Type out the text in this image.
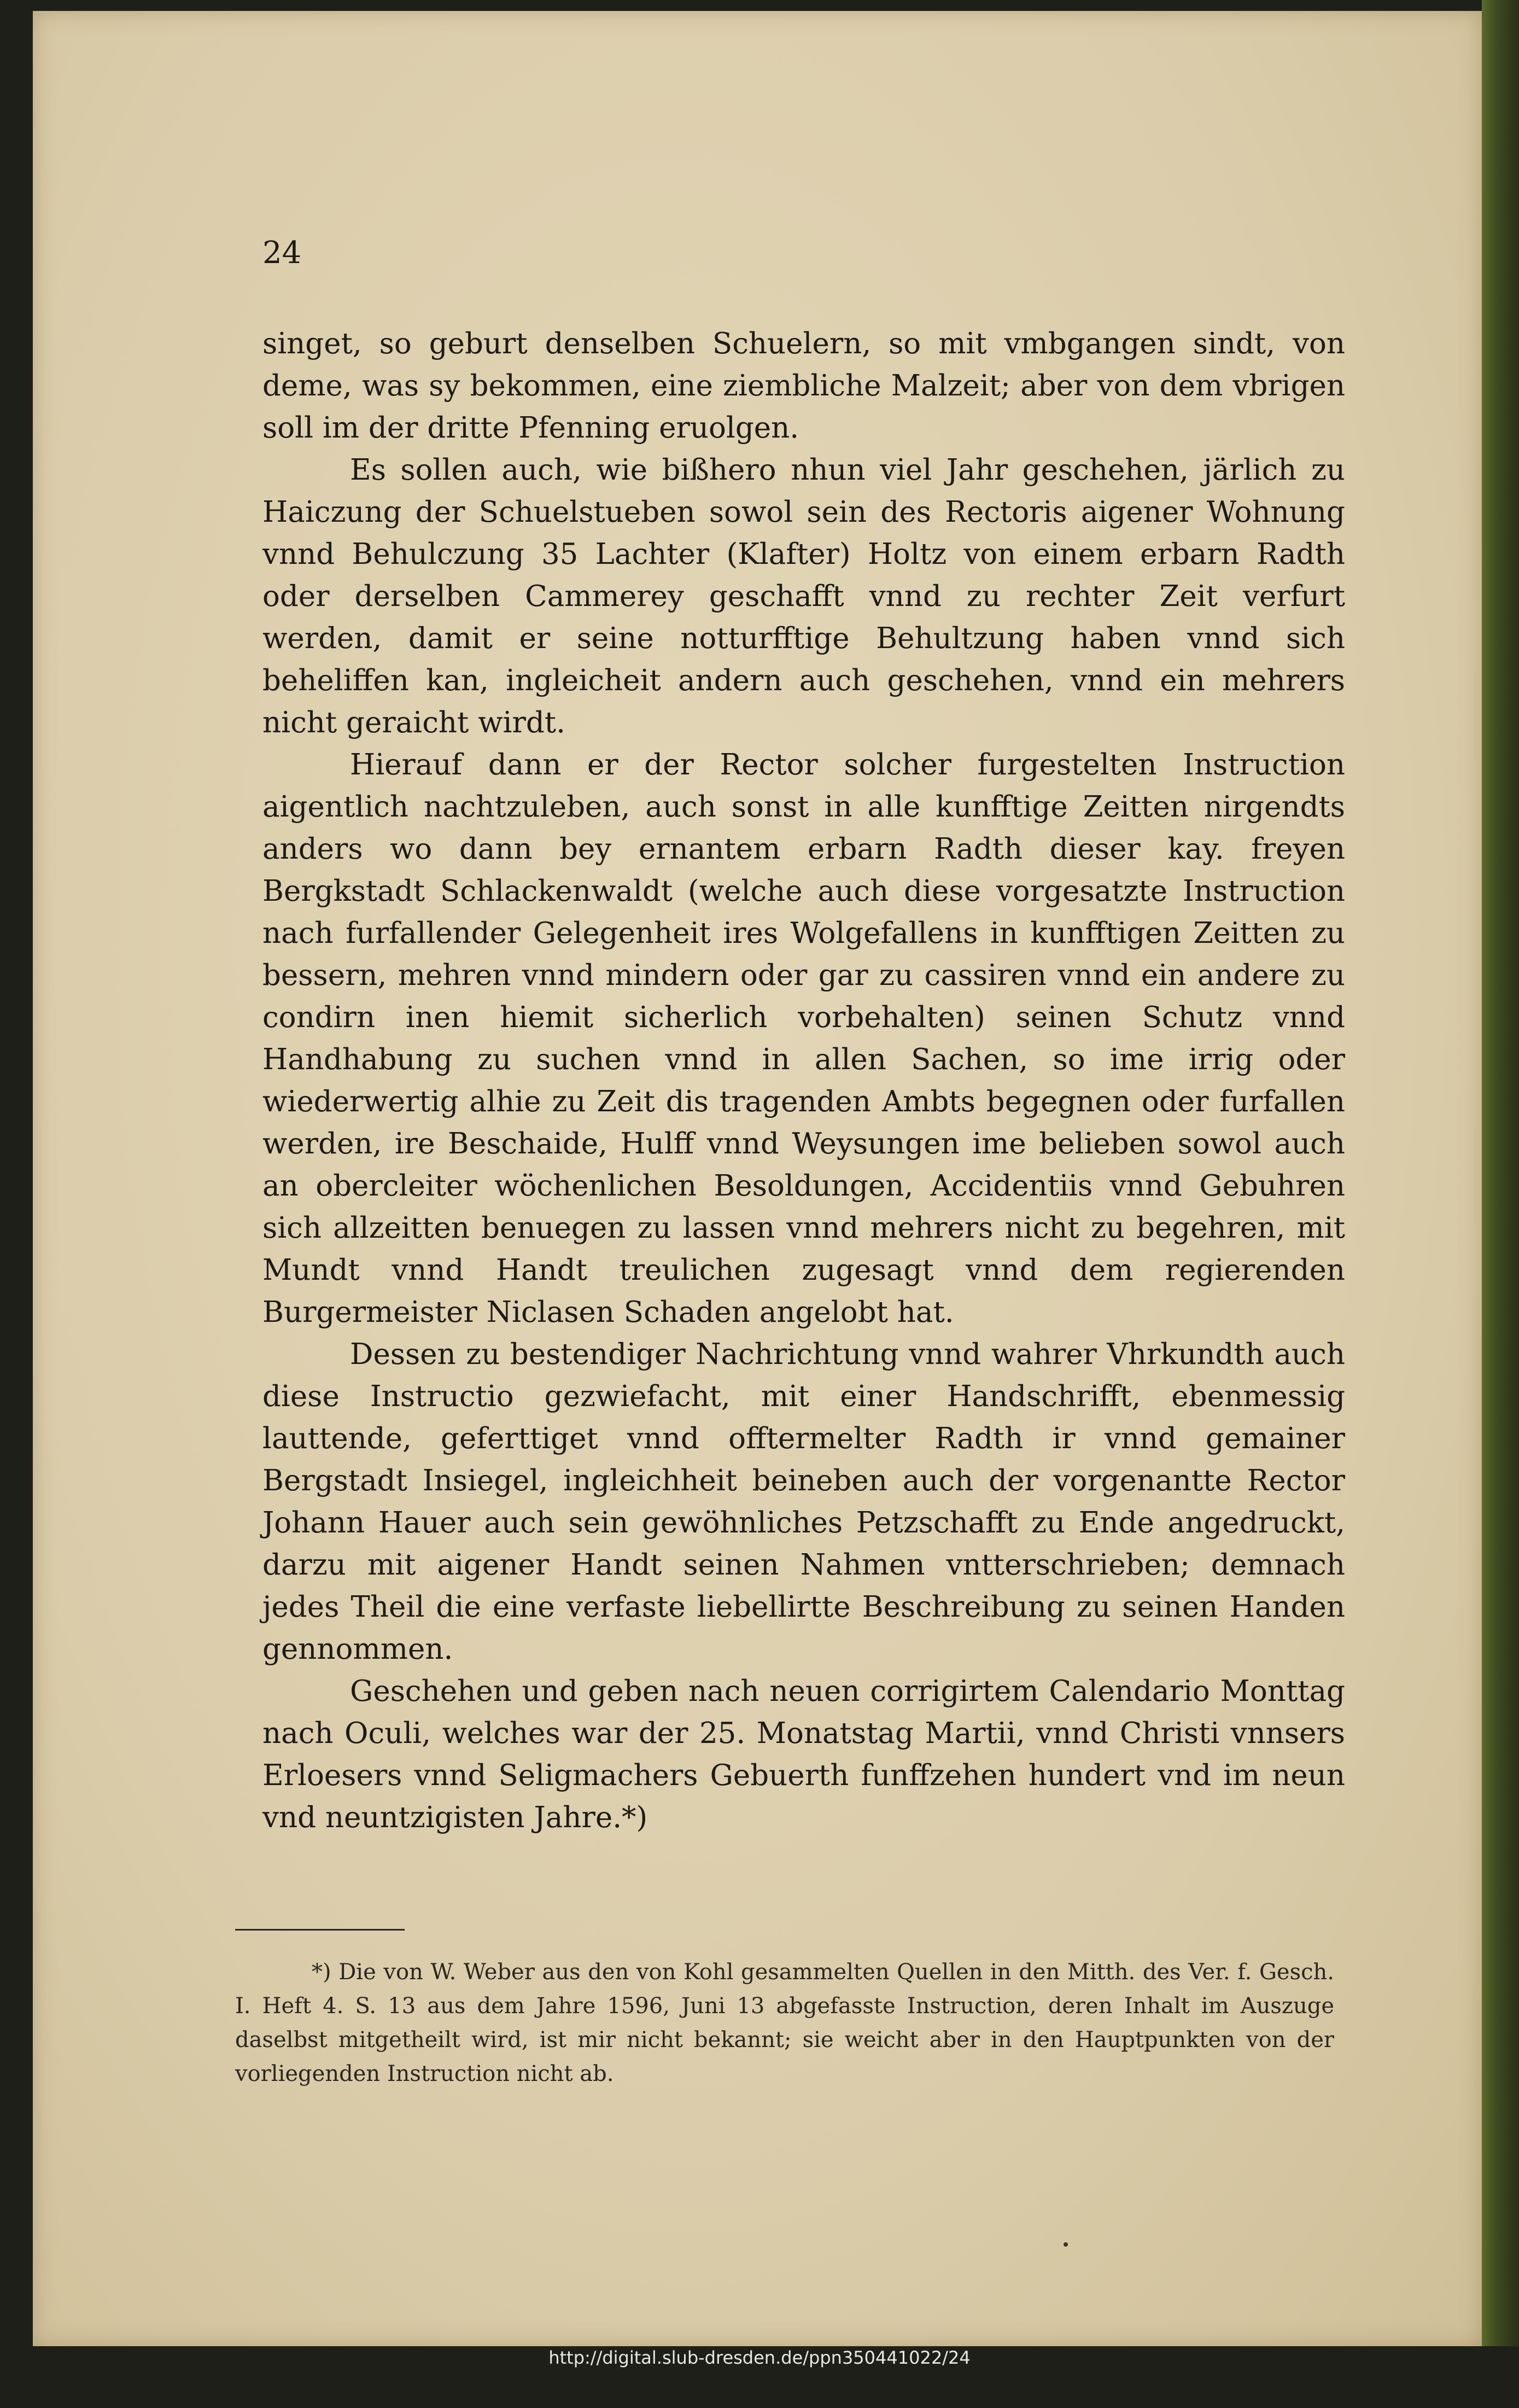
24

singet, so geburt denselben Schuelern, so mit vmbgangen sindt, von deme, was sy bekommen, eine ziembliche Malzeit; aber von dem vbrigen soll im der dritte Pfenning eruolgen.

Es sollen auch, wie bißhero nhun viel Jahr geschehen, järlich zu Haiczung der Schuelstueben sowol sein des Rectoris aigener Wohnung vnnd Behulczung 35 Lachter (Klafter) Holtz von einem erbarn Radth oder derselben Cammerey geschafft vnnd zu rechter Zeit verfurt werden, damit er seine notturfftige Behultzung haben vnnd sich beheliffen kan, ingleicheit andern auch geschehen, vnnd ein mehrers nicht geraicht wirdt.

Hierauf dann er der Rector solcher furgestelten Instruction aigentlich nachtzuleben, auch sonst in alle kunfftige Zeitten nirgendts anders wo dann bey ernantem erbarn Radth dieser kay. freyen Bergkstadt Schlackenwaldt (welche auch diese vorgesatzte Instruction nach furfallender Gelegenheit ires Wolgefallens in kunfftigen Zeitten zu bessern, mehren vnnd mindern oder gar zu cassiren vnnd ein andere zu condirn inen hiemit sicherlich vorbehalten) seinen Schutz vnnd Handhabung zu suchen vnnd in allen Sachen, so ime irrig oder wiederwertig alhie zu Zeit dis tragenden Ambts begegnen oder furfallen werden, ire Beschaide, Hulff vnnd Weysungen ime belieben sowol auch an obercleiter wöchenlichen Besoldungen, Accidentiis vnnd Gebuhren sich allzeitten benuegen zu lassen vnnd mehrers nicht zu begehren, mit Mundt vnnd Handt treulichen zugesagt vnnd dem regierenden Burgermeister Niclasen Schaden angelobt hat.

Dessen zu bestendiger Nachrichtung vnnd wahrer Vhrkundth auch diese Instructio gezwiefacht, mit einer Handschrifft, ebenmessig lauttende, geferttiget vnnd offtermelter Radth ir vnnd gemainer Bergstadt Insiegel, ingleichheit beineben auch der vorgenantte Rector Johann Hauer auch sein gewöhnliches Petzschafft zu Ende angedruckt, darzu mit aigener Handt seinen Nahmen vntterschrieben; demnach jedes Theil die eine verfaste liebellirtte Beschreibung zu seinen Handen gennommen.

Geschehen und geben nach neuen corrigirtem Calendario Monttag nach Oculi, welches war der 25. Monatstag Martii, vnnd Christi vnnsers Erloesers vnnd Seligmachers Gebuerth funffzehen hundert vnd im neun vnd neuntzigisten Jahre.*)

*) Die von W. Weber aus den von Kohl gesammelten Quellen in den Mitth. des Ver. f. Gesch. I. Heft 4. S. 13 aus dem Jahre 1596, Juni 13 abgefasste Instruction, deren Inhalt im Auszuge daselbst mitgetheilt wird, ist mir nicht bekannt; sie weicht aber in den Hauptpunkten von der vorliegenden Instruction nicht ab.
http://digital.slub-dresden.de/ppn350441022/24
